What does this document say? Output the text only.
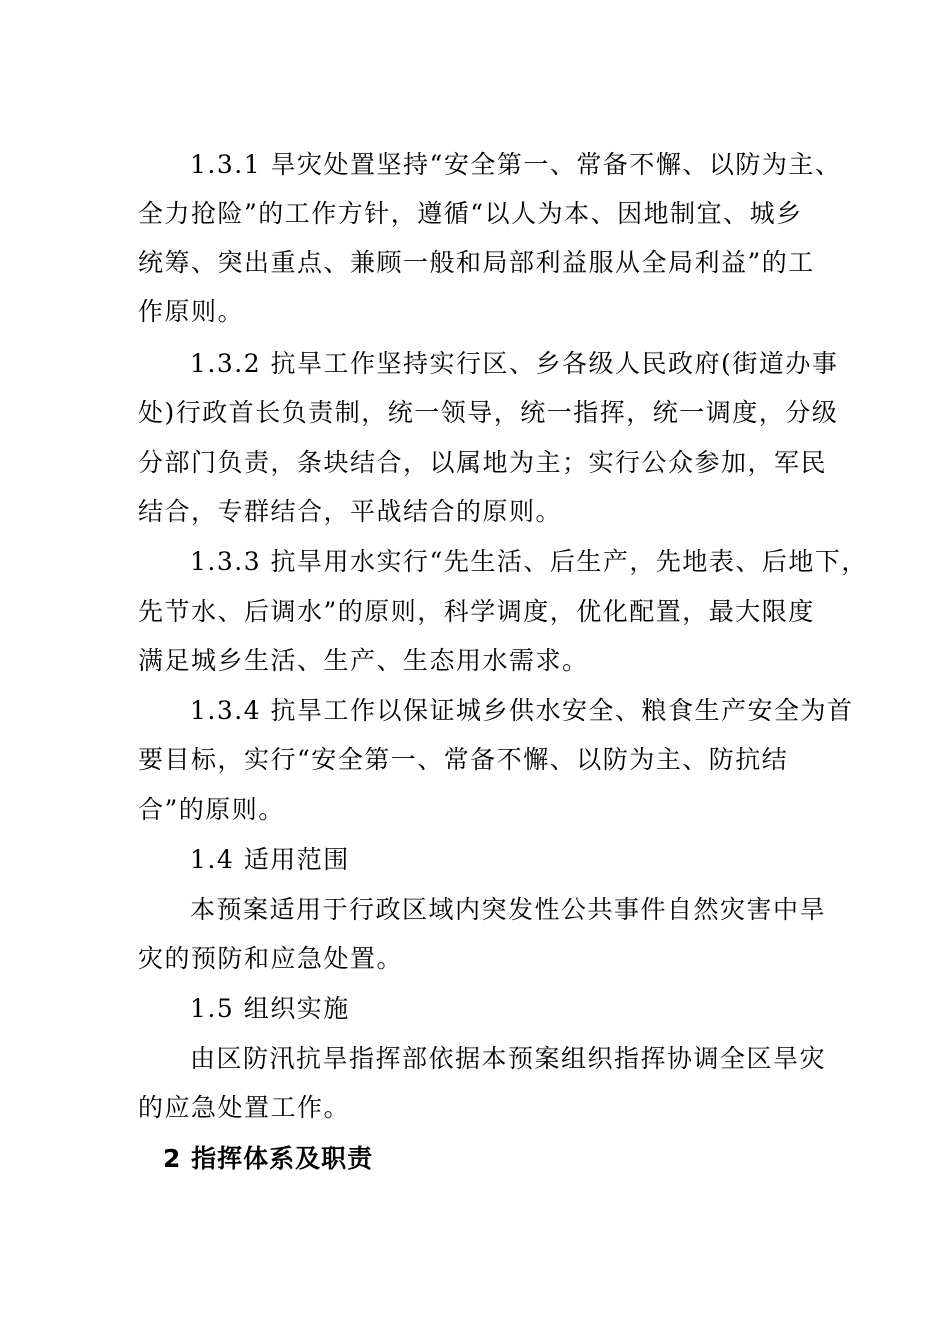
1.3.1 旱灾处置坚持“安全第一、常备不懈、以防为主、
全力抢险”的工作方针，遵循“以人为本、因地制宜、城乡
统筹、突出重点、兼顾一般和局部利益服从全局利益”的工
作原则。
1.3.2 抗旱工作坚持实行区、乡各级人民政府(街道办事
处)行政首长负责制，统一领导，统一指挥，统一调度，分级
分部门负责，条块结合，以属地为主；实行公众参加，军民
结合，专群结合，平战结合的原则。
1.3.3 抗旱用水实行“先生活、后生产，先地表、后地下，
先节水、后调水”的原则，科学调度，优化配置，最大限度
满足城乡生活、生产、生态用水需求。
1.3.4 抗旱工作以保证城乡供水安全、粮食生产安全为首
要目标，实行“安全第一、常备不懈、以防为主、防抗结
合”的原则。
1.4 适用范围
本预案适用于行政区域内突发性公共事件自然灾害中旱
灾的预防和应急处置。
1.5 组织实施
由区防汛抗旱指挥部依据本预案组织指挥协调全区旱灾
的应急处置工作。
2 指挥体系及职责
